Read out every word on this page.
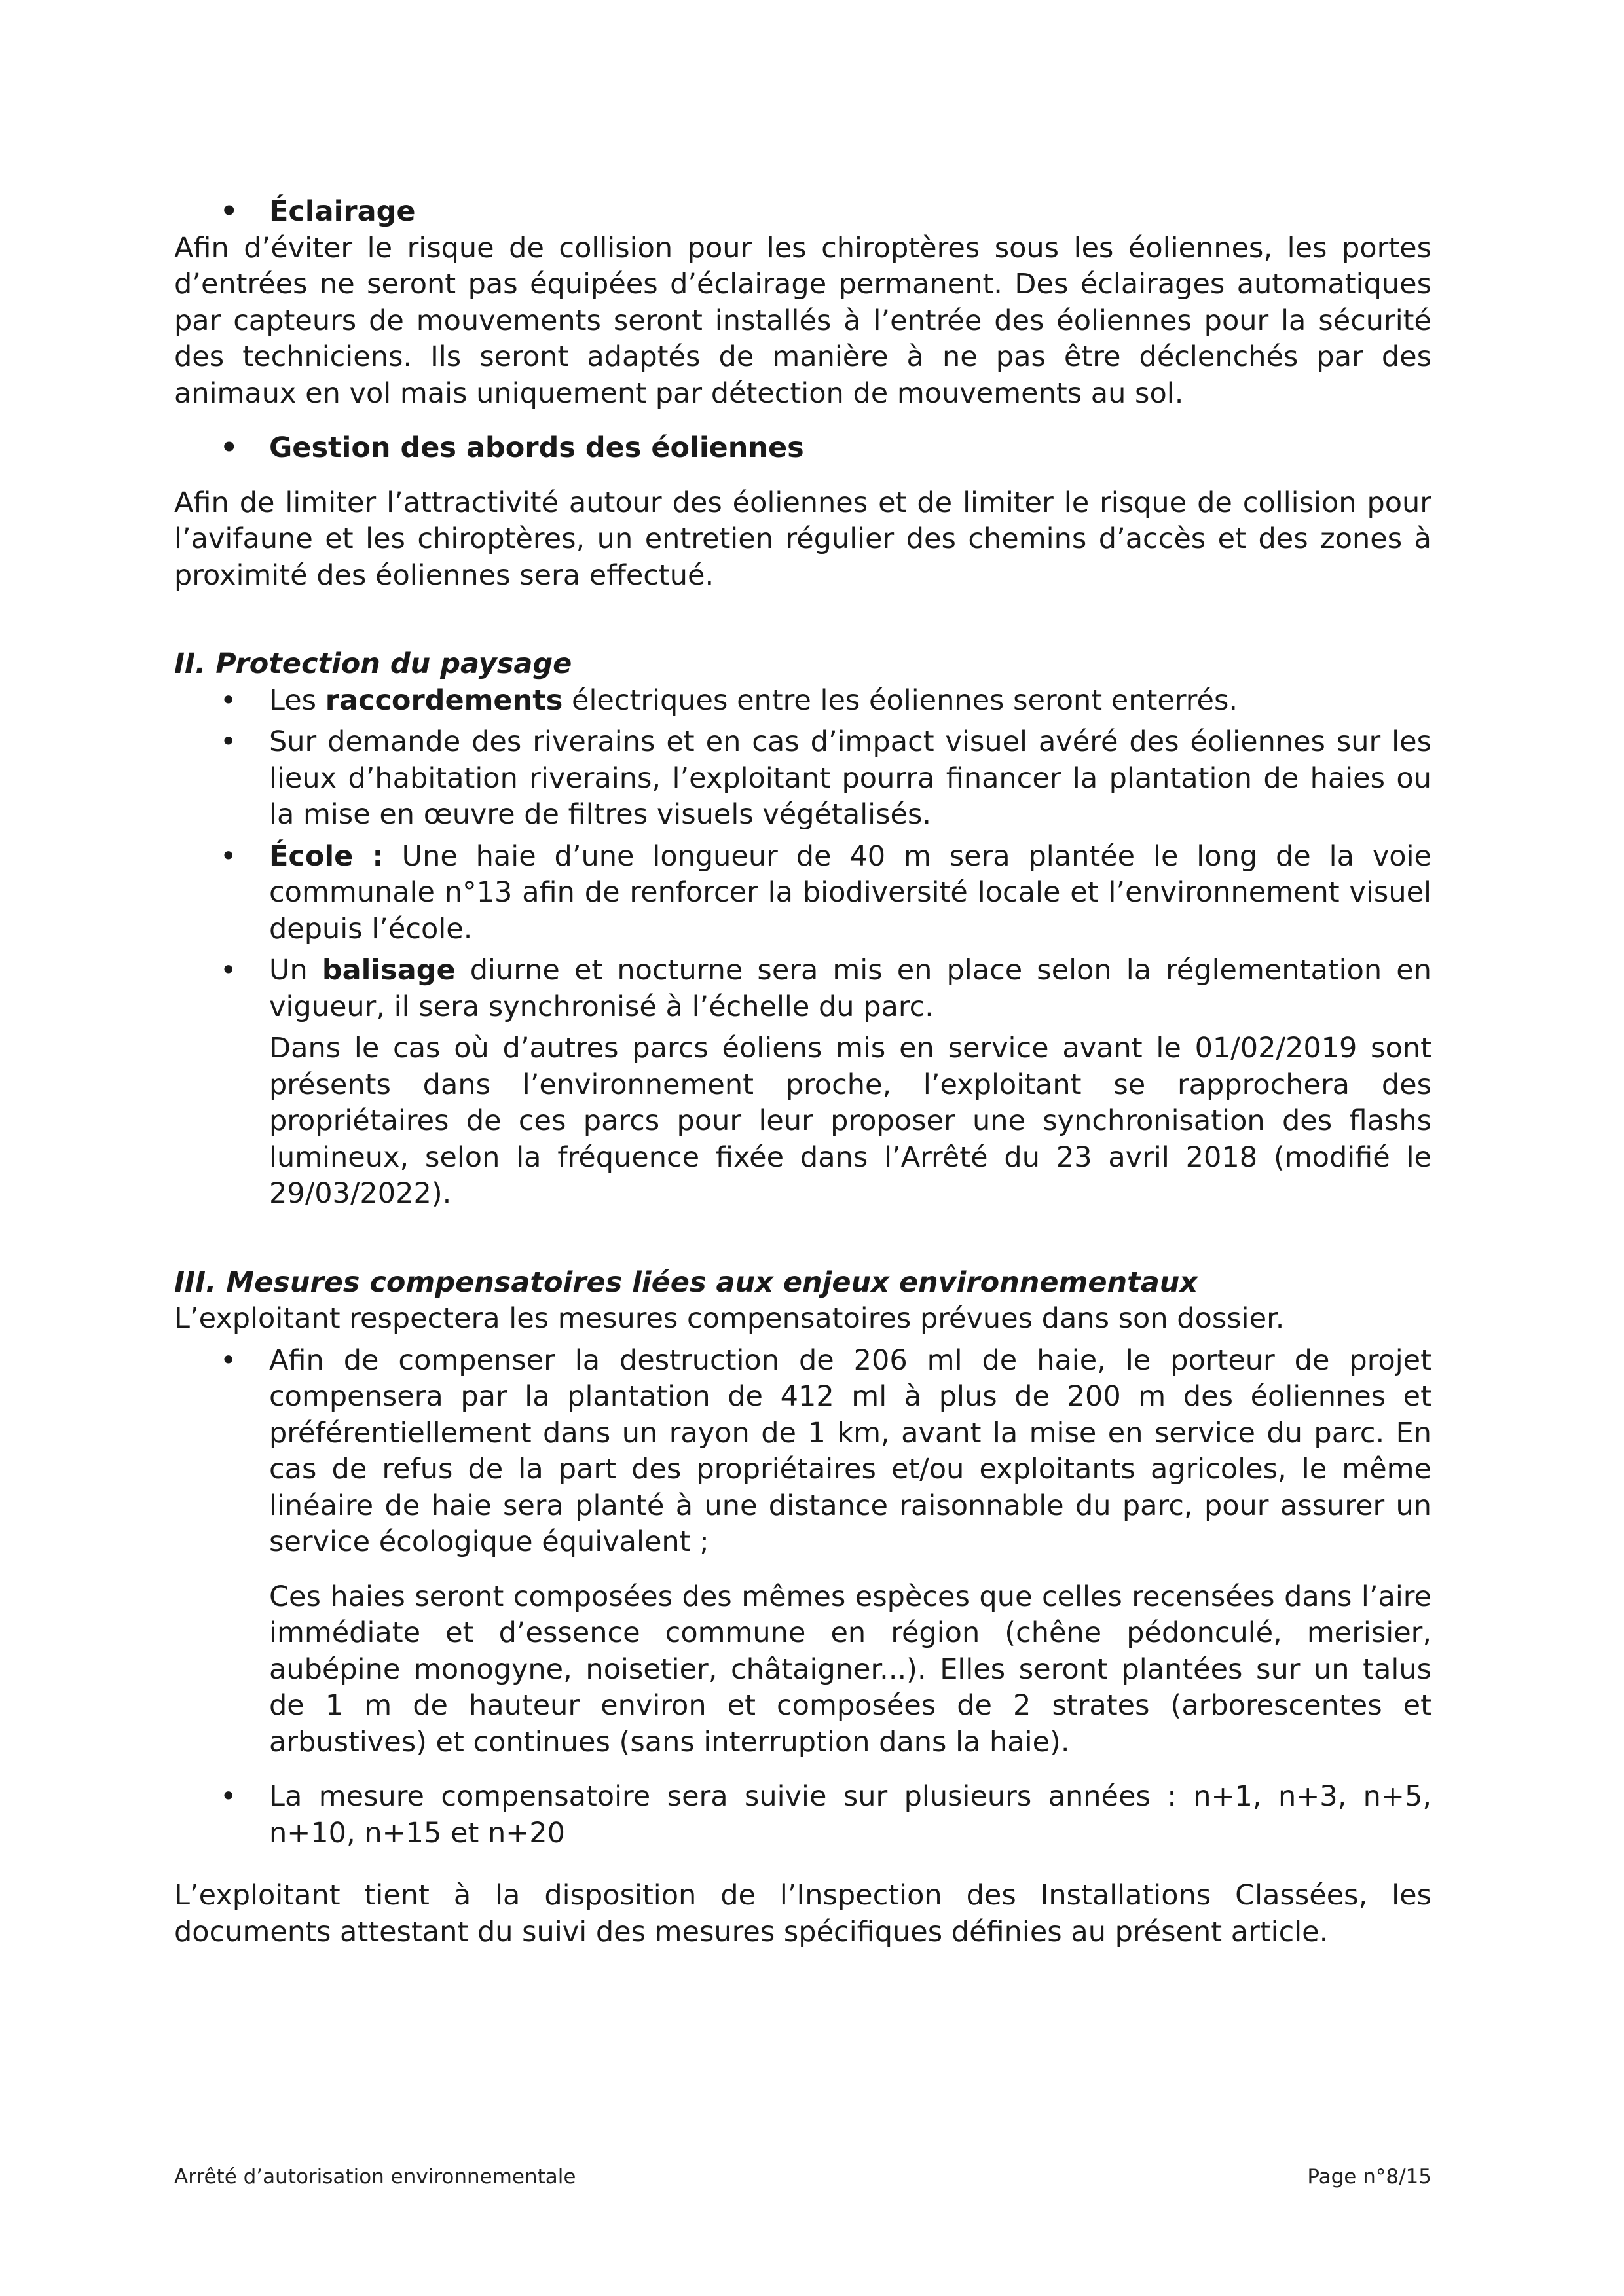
• Éclairage

Afin d’éviter le risque de collision pour les chiroptères sous les éoliennes, les portes d’entrées ne seront pas équipées d’éclairage permanent. Des éclairages automatiques par capteurs de mouvements seront installés à l’entrée des éoliennes pour la sécurité des techniciens. Ils seront adaptés de manière à ne pas être déclenchés par des animaux en vol mais uniquement par détection de mouvements au sol.

• Gestion des abords des éoliennes

Afin de limiter l’attractivité autour des éoliennes et de limiter le risque de collision pour l’avifaune et les chiroptères, un entretien régulier des chemins d’accès et des zones à proximité des éoliennes sera effectué.

II. Protection du paysage

• Les raccordements électriques entre les éoliennes seront enterrés.

• Sur demande des riverains et en cas d’impact visuel avéré des éoliennes sur les lieux d’habitation riverains, l’exploitant pourra financer la plantation de haies ou la mise en œuvre de filtres visuels végétalisés.

• École : Une haie d’une longueur de 40 m sera plantée le long de la voie communale n°13 afin de renforcer la biodiversité locale et l’environnement visuel depuis l’école.

• Un balisage diurne et nocturne sera mis en place selon la réglementation en vigueur, il sera synchronisé à l’échelle du parc.

Dans le cas où d’autres parcs éoliens mis en service avant le 01/02/2019 sont présents dans l’environnement proche, l’exploitant se rapprochera des propriétaires de ces parcs pour leur proposer une synchronisation des flashs lumineux, selon la fréquence fixée dans l’Arrêté du 23 avril 2018 (modifié le 29/03/2022).

III. Mesures compensatoires liées aux enjeux environnementaux

L’exploitant respectera les mesures compensatoires prévues dans son dossier.

• Afin de compenser la destruction de 206 ml de haie, le porteur de projet compensera par la plantation de 412 ml à plus de 200 m des éoliennes et préférentiellement dans un rayon de 1 km, avant la mise en service du parc. En cas de refus de la part des propriétaires et/ou exploitants agricoles, le même linéaire de haie sera planté à une distance raisonnable du parc, pour assurer un service écologique équivalent ;

Ces haies seront composées des mêmes espèces que celles recensées dans l’aire immédiate et d’essence commune en région (chêne pédonculé, merisier, aubépine monogyne, noisetier, châtaigner...). Elles seront plantées sur un talus de 1 m de hauteur environ et composées de 2 strates (arborescentes et arbustives) et continues (sans interruption dans la haie).

• La mesure compensatoire sera suivie sur plusieurs années : n+1, n+3, n+5, n+10, n+15 et n+20

L’exploitant tient à la disposition de l’Inspection des Installations Classées, les documents attestant du suivi des mesures spécifiques définies au présent article.

Arrêté d’autorisation environnementale	Page n°8/15
